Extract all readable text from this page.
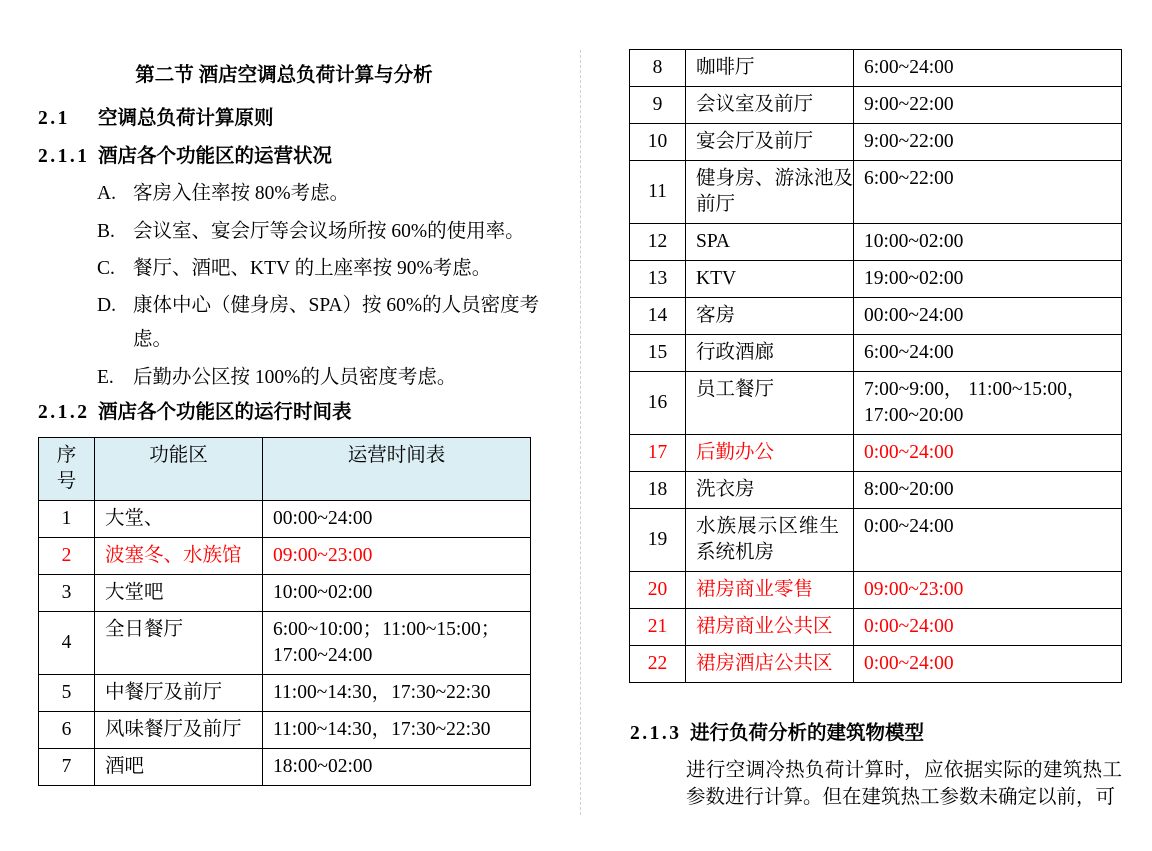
第二节 酒店空调总负荷计算与分析
2.1 空调总负荷计算原则
2.1.1 酒店各个功能区的运营状况
A. 客房入住率按 80%考虑。
B. 会议室、宴会厅等会议场所按 60%的使用率。
C. 餐厅、酒吧、KTV 的上座率按 90%考虑。
D. 康体中心（健身房、SPA）按 60%的人员密度考虑。
E. 后勤办公区按 100%的人员密度考虑。
2.1.2 酒店各个功能区的运行时间表
序号	功能区	运营时间表
1	大堂、	00:00~24:00
2	波塞冬、水族馆	09:00~23:00
3	大堂吧	10:00~02:00
4	全日餐厅	6:00~10:00；11:00~15:00；17:00~24:00
5	中餐厅及前厅	11:00~14:30，17:30~22:30
6	风味餐厅及前厅	11:00~14:30，17:30~22:30
7	酒吧	18:00~02:00
8	咖啡厅	6:00~24:00
9	会议室及前厅	9:00~22:00
10	宴会厅及前厅	9:00~22:00
11	健身房、游泳池及前厅	6:00~22:00
12	SPA	10:00~02:00
13	KTV	19:00~02:00
14	客房	00:00~24:00
15	行政酒廊	6:00~24:00
16	员工餐厅	7:00~9:00， 11:00~15:00，17:00~20:00
17	后勤办公	0:00~24:00
18	洗衣房	8:00~20:00
19	水族展示区维生系统机房	0:00~24:00
20	裙房商业零售	09:00~23:00
21	裙房商业公共区	0:00~24:00
22	裙房酒店公共区	0:00~24:00
2.1.3 进行负荷分析的建筑物模型
进行空调冷热负荷计算时，应依据实际的建筑热工参数进行计算。但在建筑热工参数未确定以前，可
